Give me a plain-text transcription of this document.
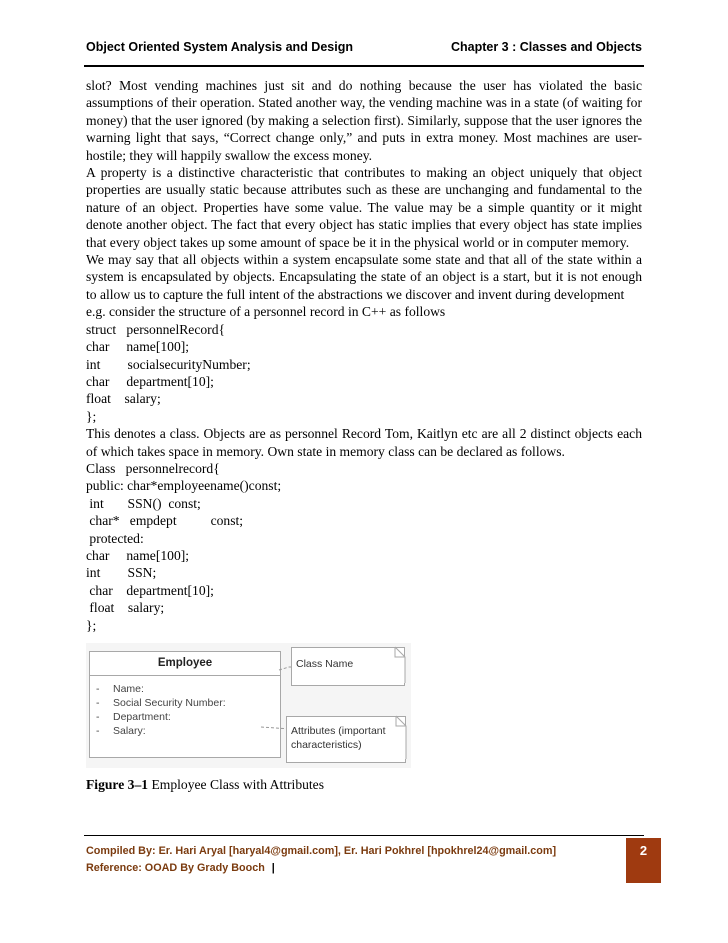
Object Oriented System Analysis and Design	Chapter 3 : Classes and Objects

slot? Most vending machines just sit and do nothing because the user has violated the basic assumptions of their operation. Stated another way, the vending machine was in a state (of waiting for money) that the user ignored (by making a selection first). Similarly, suppose that the user ignores the warning light that says, “Correct change only,” and puts in extra money. Most machines are user-hostile; they will happily swallow the excess money.

A property is a distinctive characteristic that contributes to making an object uniquely that object properties are usually static because attributes such as these are unchanging and fundamental to the nature of an object. Properties have some value. The value may be a simple quantity or it might denote another object. The fact that every object has static implies that every object has state implies that every object takes up some amount of space be it in the physical world or in computer memory.

We may say that all objects within a system encapsulate some state and that all of the state within a system is encapsulated by objects. Encapsulating the state of an object is a start, but it is not enough to allow us to capture the full intent of the abstractions we discover and invent during development

e.g. consider the structure of a personnel record in C++ as follows

struct   personnelRecord{
char     name[100];
int        socialsecurityNumber;
char     department[10];
float    salary;
};

This denotes a class. Objects are as personnel Record Tom, Kaitlyn etc are all 2 distinct objects each of which takes space in memory. Own state in memory class can be declared as follows.

Class   personnelrecord{
public: char*employeename()const;
int       SSN()  const;
char*   empdept          const;
protected:
char     name[100];
int        SSN;
char    department[10];
float    salary;
};
Employee
- Name:
- Social Security Number:
- Department:
- Salary:
Class Name
Attributes (important
characteristics)
Figure 3–1 Employee Class with Attributes
Compiled By: Er. Hari Aryal [haryal4@gmail.com], Er. Hari Pokhrel [hpokhrel24@gmail.com]
Reference: OOAD By Grady Booch |
2
